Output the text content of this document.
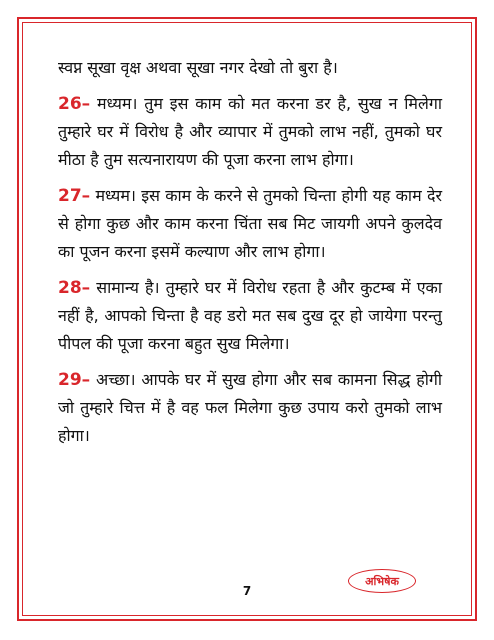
स्वप्न सूखा वृक्ष अथवा सूखा नगर देखो तो बुरा है।

26– मध्यम। तुम इस काम को मत करना डर है, सुख न मिलेगा तुम्हारे घर में विरोध है और व्यापार में तुमको लाभ नहीं, तुमको घर मीठा है तुम सत्यनारायण की पूजा करना लाभ होगा।

27– मध्यम। इस काम के करने से तुमको चिन्ता होगी यह काम देर से होगा कुछ और काम करना चिंता सब मिट जायगी अपने कुलदेव का पूजन करना इसमें कल्याण और लाभ होगा।

28– सामान्य है। तुम्हारे घर में विरोध रहता है और कुटम्ब में एका नहीं है, आपको चिन्ता है वह डरो मत सब दुख दूर हो जायेगा परन्तु पीपल की पूजा करना बहुत सुख मिलेगा।

29– अच्छा। आपके घर में सुख होगा और सब कामना सिद्ध होगी जो तुम्हारे चित्त में है वह फल मिलेगा कुछ उपाय करो तुमको लाभ होगा।

अभिषेक
7
